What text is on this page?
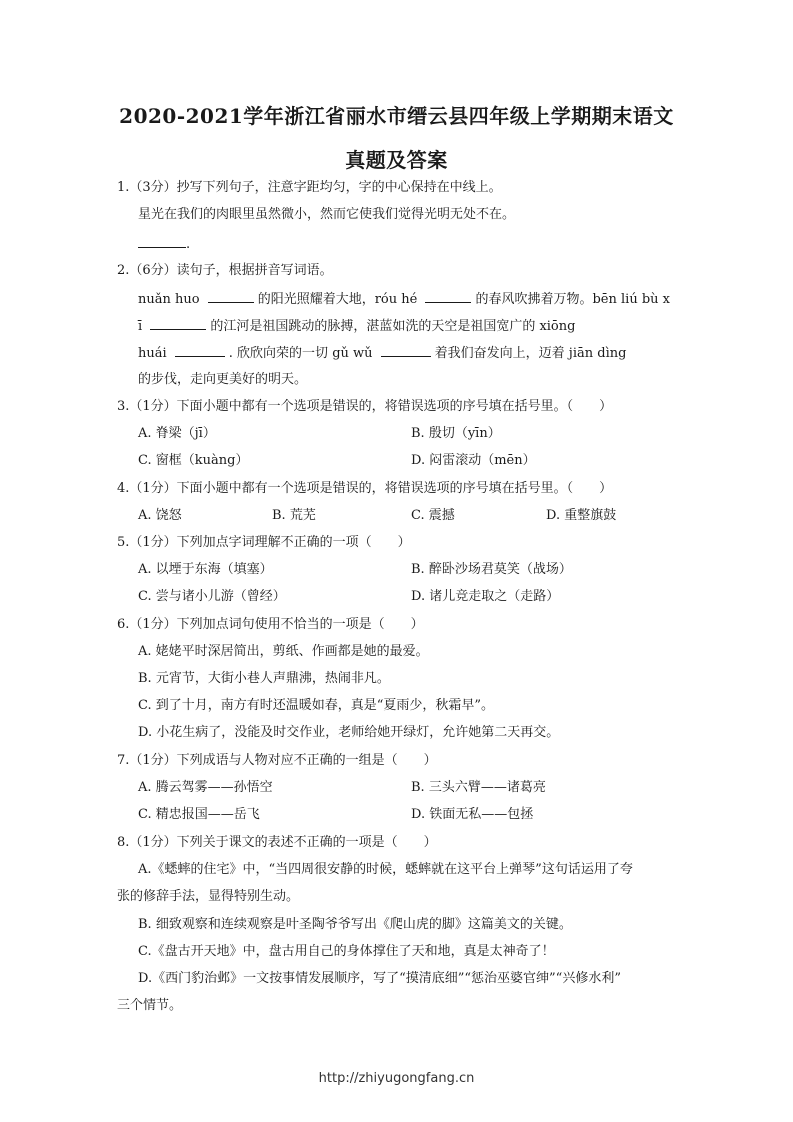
2020-2021学年浙江省丽水市缙云县四年级上学期期末语文
真题及答案
1.（3分）抄写下列句子，注意字距均匀，字的中心保持在中线上。
星光在我们的肉眼里虽然微小，然而它使我们觉得光明无处不在。
.
2.（6分）读句子，根据拼音写词语。
nuǎn huo	的阳光照耀着大地，róu hé	的春风吹拂着万物。bēn liú bù x
ī	的江河是祖国跳动的脉搏，湛蓝如洗的天空是祖国宽广的 xiōng
huái	. 欣欣向荣的一切 gǔ wǔ	着我们奋发向上，迈着 jiān dìng
的步伐，走向更美好的明天。
3.（1分）下面小题中都有一个选项是错误的，将错误选项的序号填在括号里。（　　）
A. 脊梁（jī）	B. 殷切（yīn）
C. 窗框（kuàng）	D. 闷雷滚动（mēn）
4.（1分）下面小题中都有一个选项是错误的，将错误选项的序号填在括号里。（　　）
A. 饶怒	B. 荒芜	C. 震撼	D. 重整旗鼓
5.（1分）下列加点字词理解不正确的一项（　　）
A. 以堙于东海（填塞）	B. 醉卧沙场君莫笑（战场）
C. 尝与诸小儿游（曾经）	D. 诸儿竞走取之（走路）
6.（1分）下列加点词句使用不恰当的一项是（　　）
A. 姥姥平时深居简出，剪纸、作画都是她的最爱。
B. 元宵节，大街小巷人声鼎沸，热闹非凡。
C. 到了十月，南方有时还温暖如春，真是“夏雨少，秋霜早”。
D. 小花生病了，没能及时交作业，老师给她开绿灯，允许她第二天再交。
7.（1分）下列成语与人物对应不正确的一组是（　　）
A. 腾云驾雾——孙悟空	B. 三头六臂——诸葛亮
C. 精忠报国——岳飞	D. 铁面无私——包拯
8.（1分）下列关于课文的表述不正确的一项是（　　）
A.《蟋蟀的住宅》中，“当四周很安静的时候，蟋蟀就在这平台上弹琴”这句话运用了夸
张的修辞手法，显得特别生动。
B. 细致观察和连续观察是叶圣陶爷爷写出《爬山虎的脚》这篇美文的关键。
C.《盘古开天地》中，盘古用自己的身体撑住了天和地，真是太神奇了！
D.《西门豹治邺》一文按事情发展顺序，写了“摸清底细”“惩治巫婆官绅”“兴修水利”
三个情节。
http://zhiyugongfang.cn
